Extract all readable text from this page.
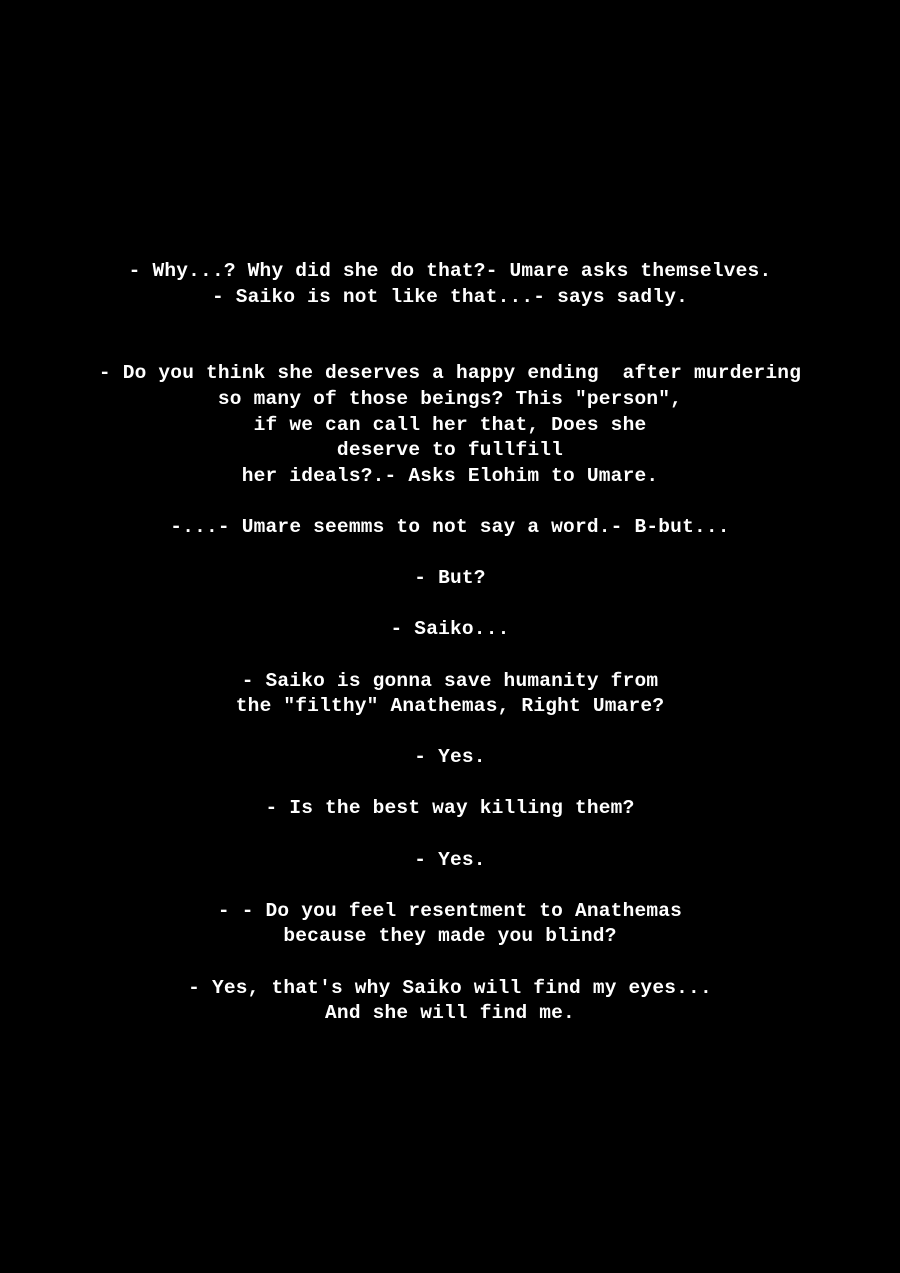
- Why...? Why did she do that?- Umare asks themselves.
- Saiko is not like that...- says sadly.
- Do you think she deserves a happy ending  after murdering
so many of those beings? This "person",
if we can call her that, Does she
deserve to fullfill
her ideals?.- Asks Elohim to Umare.
-...- Umare seemms to not say a word.- B-but...
- But?
- Saiko...
- Saiko is gonna save humanity from
the "filthy" Anathemas, Right Umare?
- Yes.
- Is the best way killing them?
- Yes.
- - Do you feel resentment to Anathemas
because they made you blind?
- Yes, that's why Saiko will find my eyes...
And she will find me.
